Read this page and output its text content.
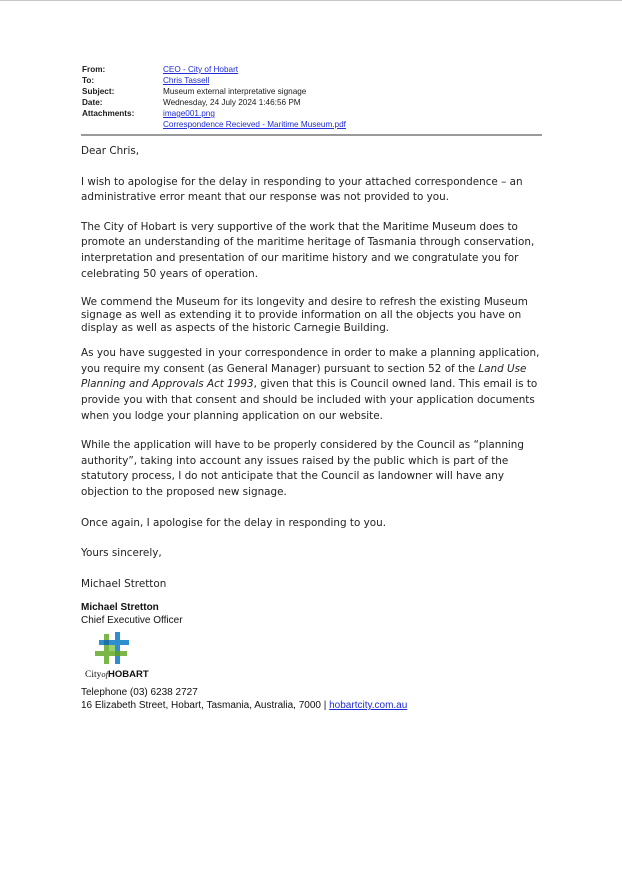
From:	CEO - City of Hobart
To:	Chris Tassell
Subject:	Museum external interpretative signage
Date:	Wednesday, 24 July 2024 1:46:56 PM
Attachments:	image001.png
Correspondence Recieved - Maritime Museum.pdf

Dear Chris,

I wish to apologise for the delay in responding to your attached correspondence – an administrative error meant that our response was not provided to you.

The City of Hobart is very supportive of the work that the Maritime Museum does to promote an understanding of the maritime heritage of Tasmania through conservation, interpretation and presentation of our maritime history and we congratulate you for celebrating 50 years of operation.

We commend the Museum for its longevity and desire to refresh the existing Museum signage as well as extending it to provide information on all the objects you have on display as well as aspects of the historic Carnegie Building.

As you have suggested in your correspondence in order to make a planning application, you require my consent (as General Manager) pursuant to section 52 of the Land Use Planning and Approvals Act 1993, given that this is Council owned land. This email is to provide you with that consent and should be included with your application documents when you lodge your planning application on our website.

While the application will have to be properly considered by the Council as “planning authority”, taking into account any issues raised by the public which is part of the statutory process, I do not anticipate that the Council as landowner will have any objection to the proposed new signage.

Once again, I apologise for the delay in responding to you.

Yours sincerely,

Michael Stretton

Michael Stretton
Chief Executive Officer
CityofHOBART
Telephone (03) 6238 2727
16 Elizabeth Street, Hobart, Tasmania, Australia, 7000 | hobartcity.com.au
